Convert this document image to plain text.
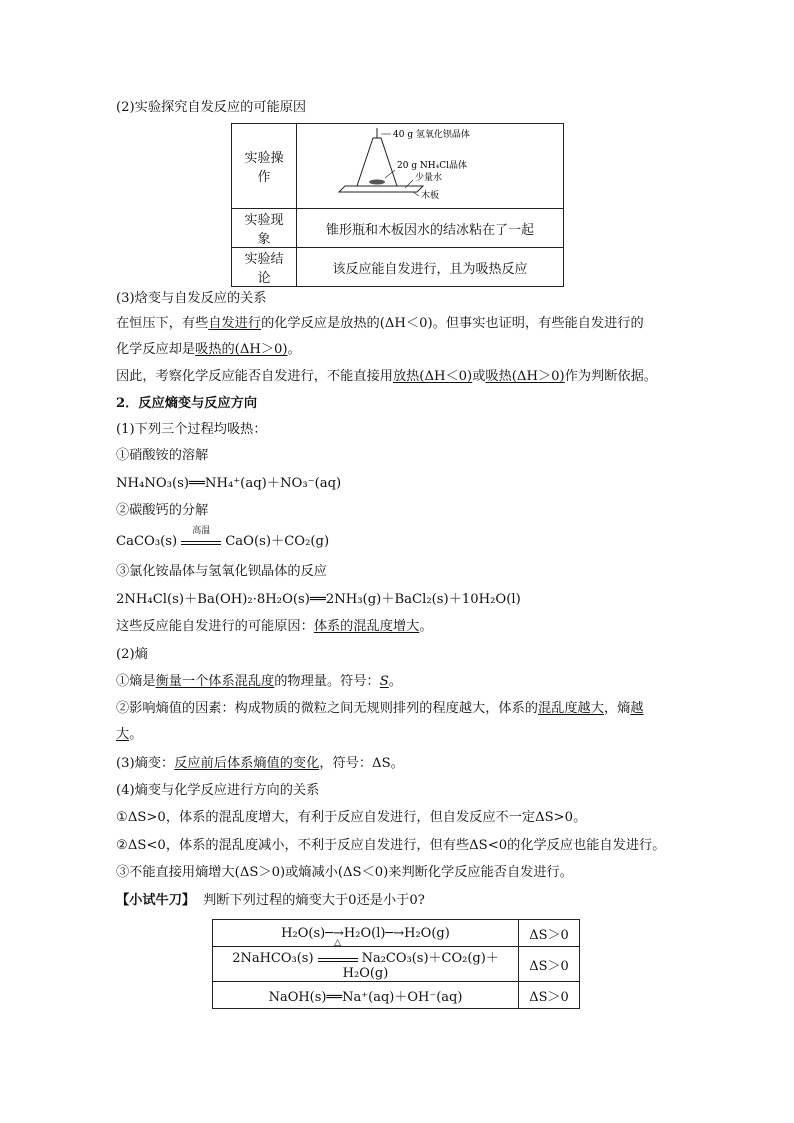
(2)实验探究自发反应的可能原因
实验操作	40 g 氢氧化钡晶体
20 g NH₄Cl晶体
少量水
木板

实验现象	锥形瓶和木板因水的结冰粘在了一起
实验结论	该反应能自发进行，且为吸热反应
(3)焓变与自发反应的关系
在恒压下，有些自发进行的化学反应是放热的(ΔH＜0)。但事实也证明，有些能自发进行的
化学反应却是吸热的(ΔH＞0)。
因此，考察化学反应能否自发进行，不能直接用放热(ΔH＜0)或吸热(ΔH＞0)作为判断依据。
2．反应熵变与反应方向
(1)下列三个过程均吸热：
①硝酸铵的溶解
NH₄NO₃(s)══NH₄⁺(aq)＋NO₃⁻(aq)
②碳酸钙的分解
CaCO₃(s)
高温
CaO(s)＋CO₂(g)
③氯化铵晶体与氢氧化钡晶体的反应
2NH₄Cl(s)＋Ba(OH)₂·8H₂O(s)══2NH₃(g)＋BaCl₂(s)＋10H₂O(l)
这些反应能自发进行的可能原因：体系的混乱度增大。
(2)熵
①熵是衡量一个体系混乱度的物理量。符号：S。
②影响熵值的因素：构成物质的微粒之间无规则排列的程度越大，体系的混乱度越大，熵越
大。
(3)熵变：反应前后体系熵值的变化，符号：ΔS。
(4)熵变与化学反应进行方向的关系
①ΔS>0，体系的混乱度增大，有利于反应自发进行，但自发反应不一定ΔS>0。
②ΔS<0，体系的混乱度减小，不利于反应自发进行，但有些ΔS<0的化学反应也能自发进行。
③不能直接用熵增大(ΔS＞0)或熵减小(ΔS＜0)来判断化学反应能否自发进行。
【小试牛刀】 判断下列过程的熵变大于0还是小于0?
H₂O(s)─→H₂O(l)─→H₂O(g)	ΔS＞0
2NaHCO₃(s)
△
Na₂CO₃(s)＋CO₂(g)＋H₂O(g)	ΔS＞0
NaOH(s)══Na⁺(aq)＋OH⁻(aq)	ΔS＞0
